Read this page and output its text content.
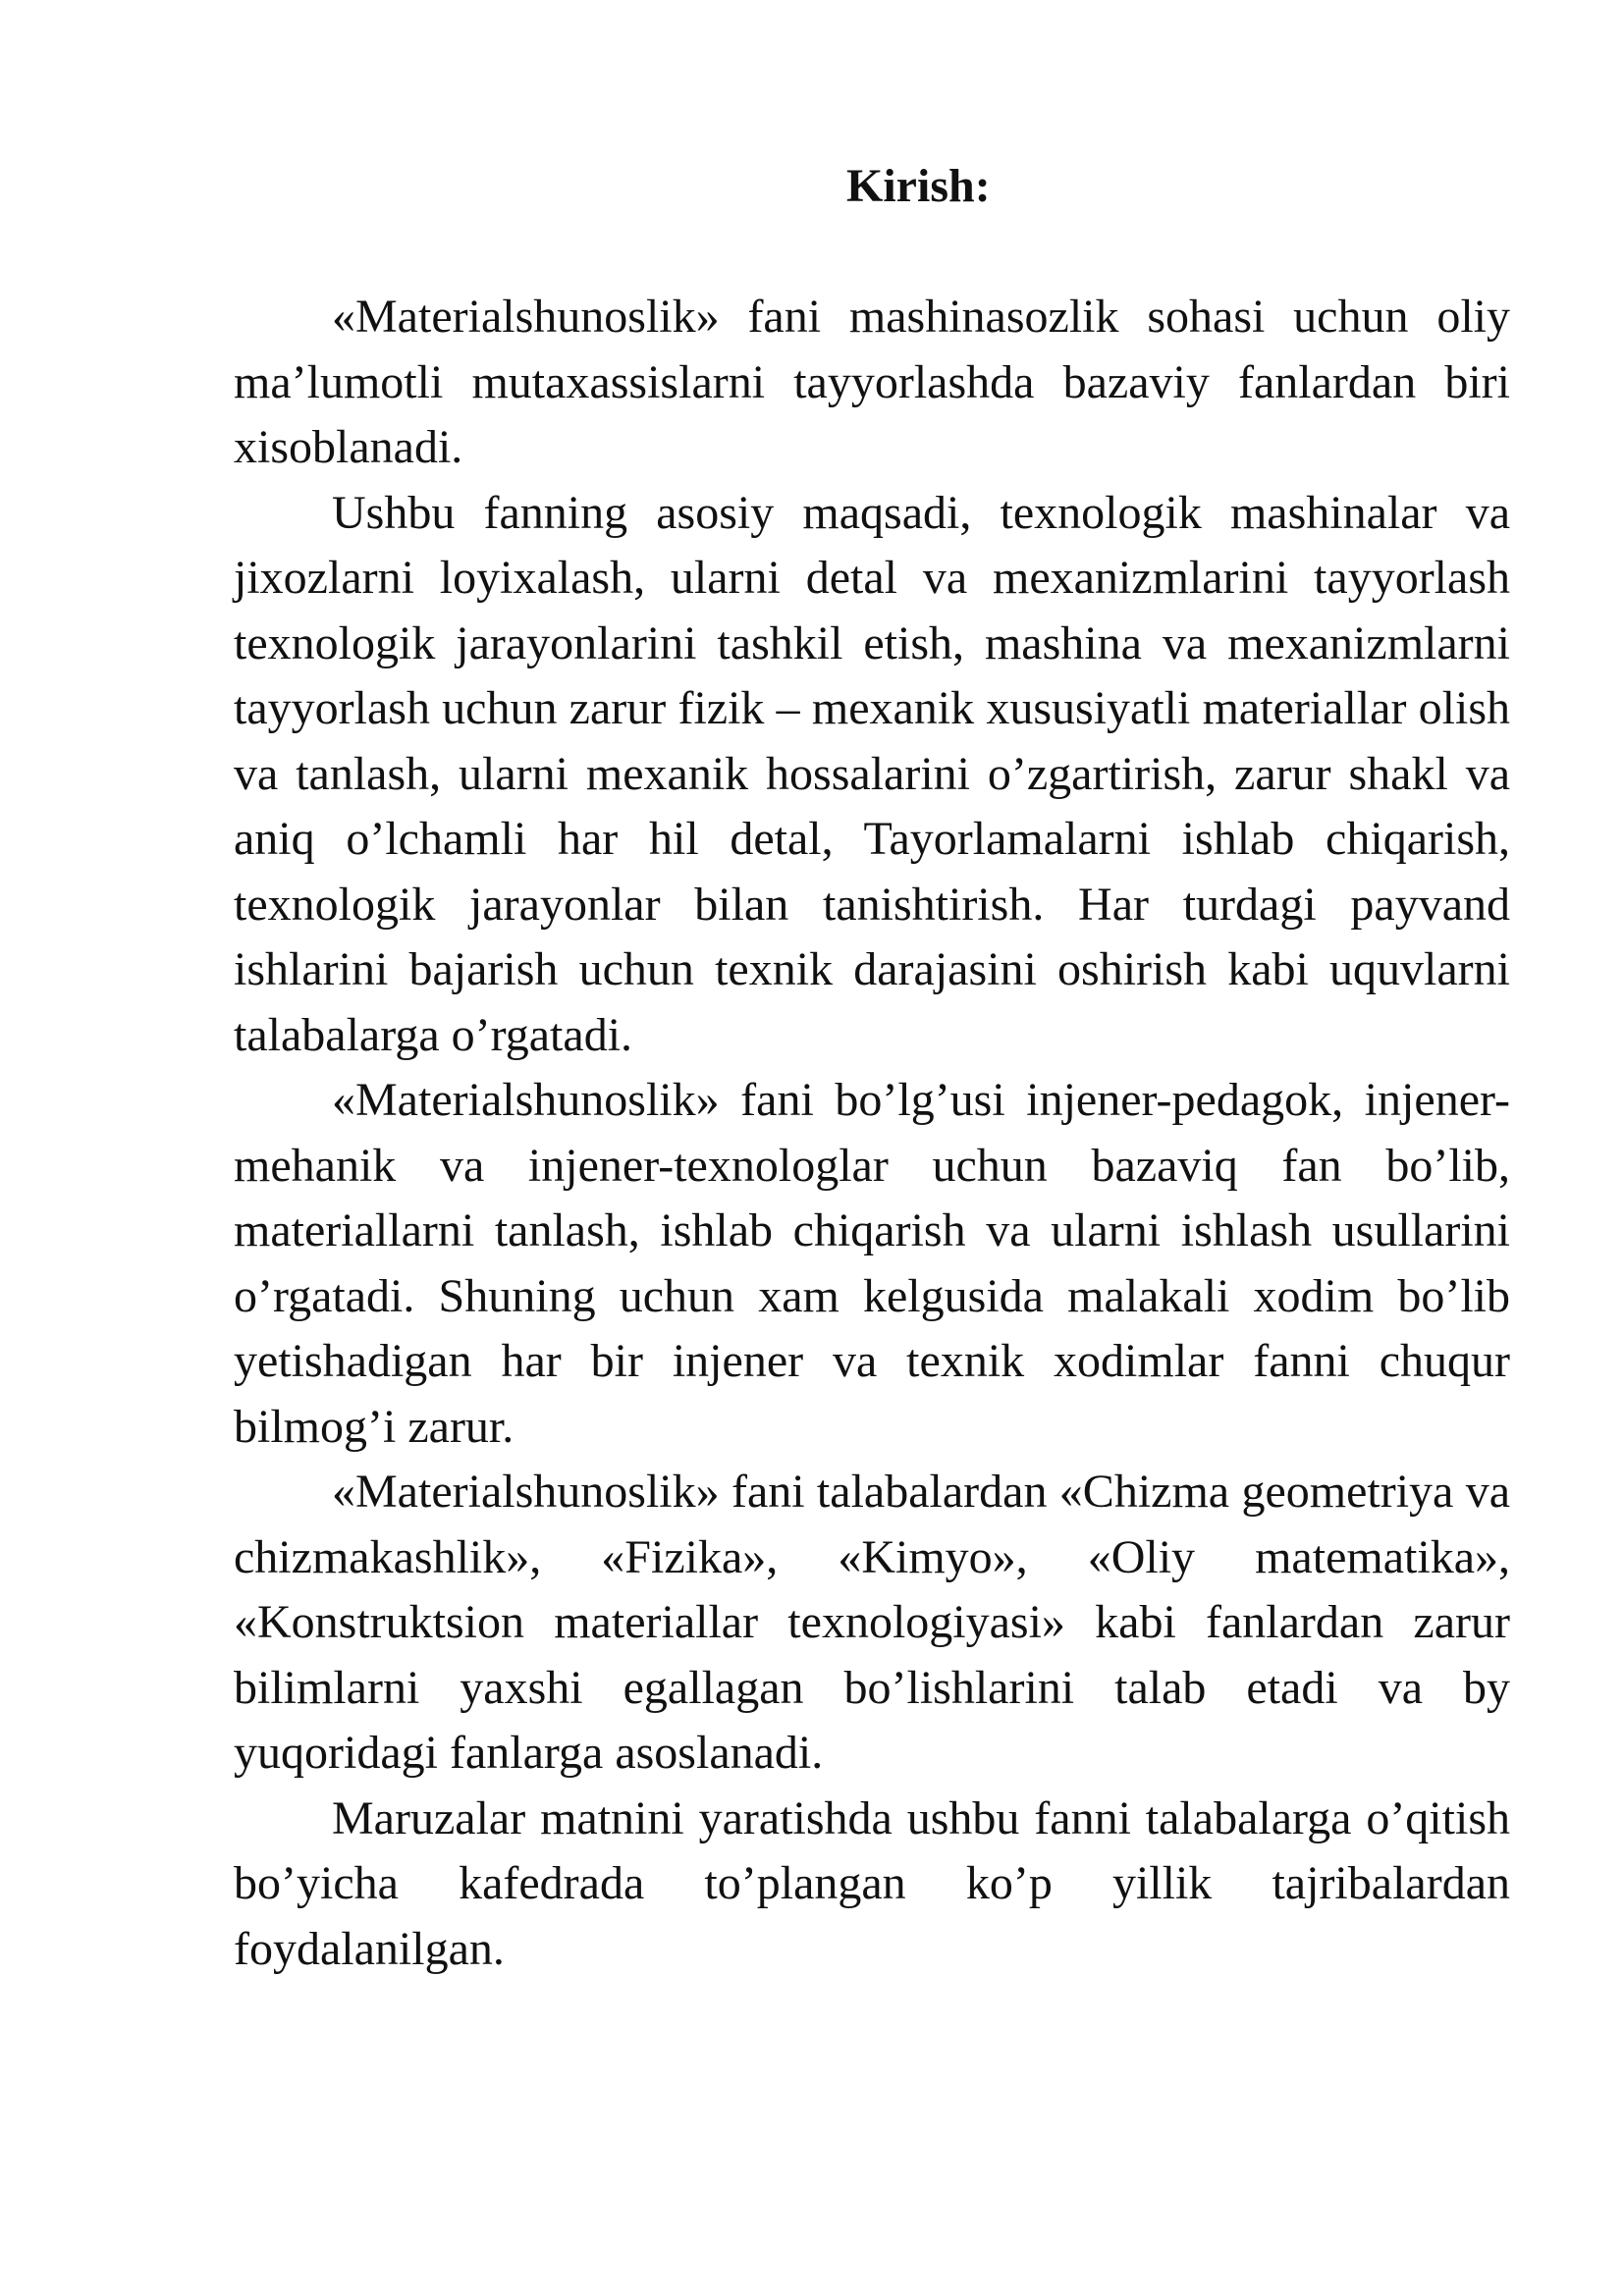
Kirish:

«Materialshunoslik» fani mashinasozlik sohasi uchun oliy ma’lumotli mutaxassislarni tayyorlashda bazaviy fanlardan biri xisoblanadi.

Ushbu fanning asosiy maqsadi, texnologik mashinalar va jixozlarni loyixalash, ularni detal va mexanizmlarini tayyorlash texnologik jarayonlarini tashkil etish, mashina va mexanizmlarni tayyorlash uchun zarur fizik – mexanik xususiyatli materiallar olish va tanlash, ularni mexanik hossalarini o’zgartirish, zarur shakl va aniq o’lchamli har hil detal, Tayorlamalarni ishlab chiqarish, texnologik jarayonlar bilan tanishtirish. Har turdagi payvand ishlarini bajarish uchun texnik darajasini oshirish kabi uquvlarni talabalarga o’rgatadi.

«Materialshunoslik» fani bo’lg’usi injener-pedagok, injener-mehanik va injener-texnologlar uchun bazaviq fan bo’lib, materiallarni tanlash, ishlab chiqarish va ularni ishlash usullarini o’rgatadi. Shuning uchun xam kelgusida malakali xodim bo’lib yetishadigan har bir injener va texnik xodimlar fanni chuqur bilmog’i zarur.

«Materialshunoslik» fani talabalardan «Chizma geometriya va chizmakashlik», «Fizika», «Kimyo», «Oliy matematika», «Konstruktsion materiallar texnologiyasi» kabi fanlardan zarur bilimlarni yaxshi egallagan bo’lishlarini talab etadi va by yuqoridagi fanlarga asoslanadi.

Maruzalar matnini yaratishda ushbu fanni talabalarga o’qitish bo’yicha kafedrada to’plangan ko’p yillik tajribalardan foydalanilgan.
